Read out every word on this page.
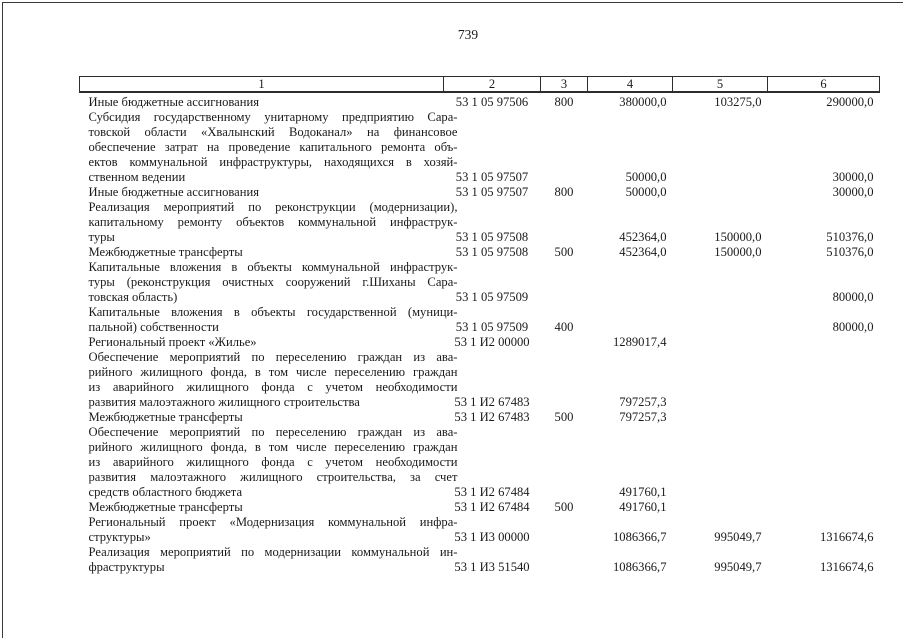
739
1	2	3	4	5	6

Иные бюджетные ассигнования	53 1 05 97506	800	380000,0	103275,0	290000,0

Субсидия государственному унитарному предприятию Сара-
товской области «Хвалынский Водоканал» на финансовое
обеспечение затрат на проведение капитального ремонта объ-
ектов коммунальной инфраструктуры, находящихся в хозяй-
ственном ведении	53 1 05 97507		50000,0		30000,0

Иные бюджетные ассигнования	53 1 05 97507	800	50000,0		30000,0

Реализация мероприятий по реконструкции (модернизации),
капитальному ремонту объектов коммунальной инфраструк-
туры	53 1 05 97508		452364,0	150000,0	510376,0

Межбюджетные трансферты	53 1 05 97508	500	452364,0	150000,0	510376,0

Капитальные вложения в объекты коммунальной инфраструк-
туры (реконструкция очистных сооружений г.Шиханы Сара-
товская область)	53 1 05 97509				80000,0

Капитальные вложения в объекты государственной (муници-
пальной) собственности	53 1 05 97509	400			80000,0

Региональный проект «Жилье»	53 1 И2 00000		1289017,4		

Обеспечение мероприятий по переселению граждан из ава-
рийного жилищного фонда, в том числе переселению граждан
из аварийного жилищного фонда с учетом необходимости
развития малоэтажного жилищного строительства	53 1 И2 67483		797257,3		

Межбюджетные трансферты	53 1 И2 67483	500	797257,3		

Обеспечение мероприятий по переселению граждан из ава-
рийного жилищного фонда, в том числе переселению граждан
из аварийного жилищного фонда с учетом необходимости
развития малоэтажного жилищного строительства, за счет
средств областного бюджета	53 1 И2 67484		491760,1		

Межбюджетные трансферты	53 1 И2 67484	500	491760,1		

Региональный проект «Модернизация коммунальной инфра-
структуры»	53 1 И3 00000		1086366,7	995049,7	1316674,6

Реализация мероприятий по модернизации коммунальной ин-
фраструктуры	53 1 И3 51540		1086366,7	995049,7	1316674,6
